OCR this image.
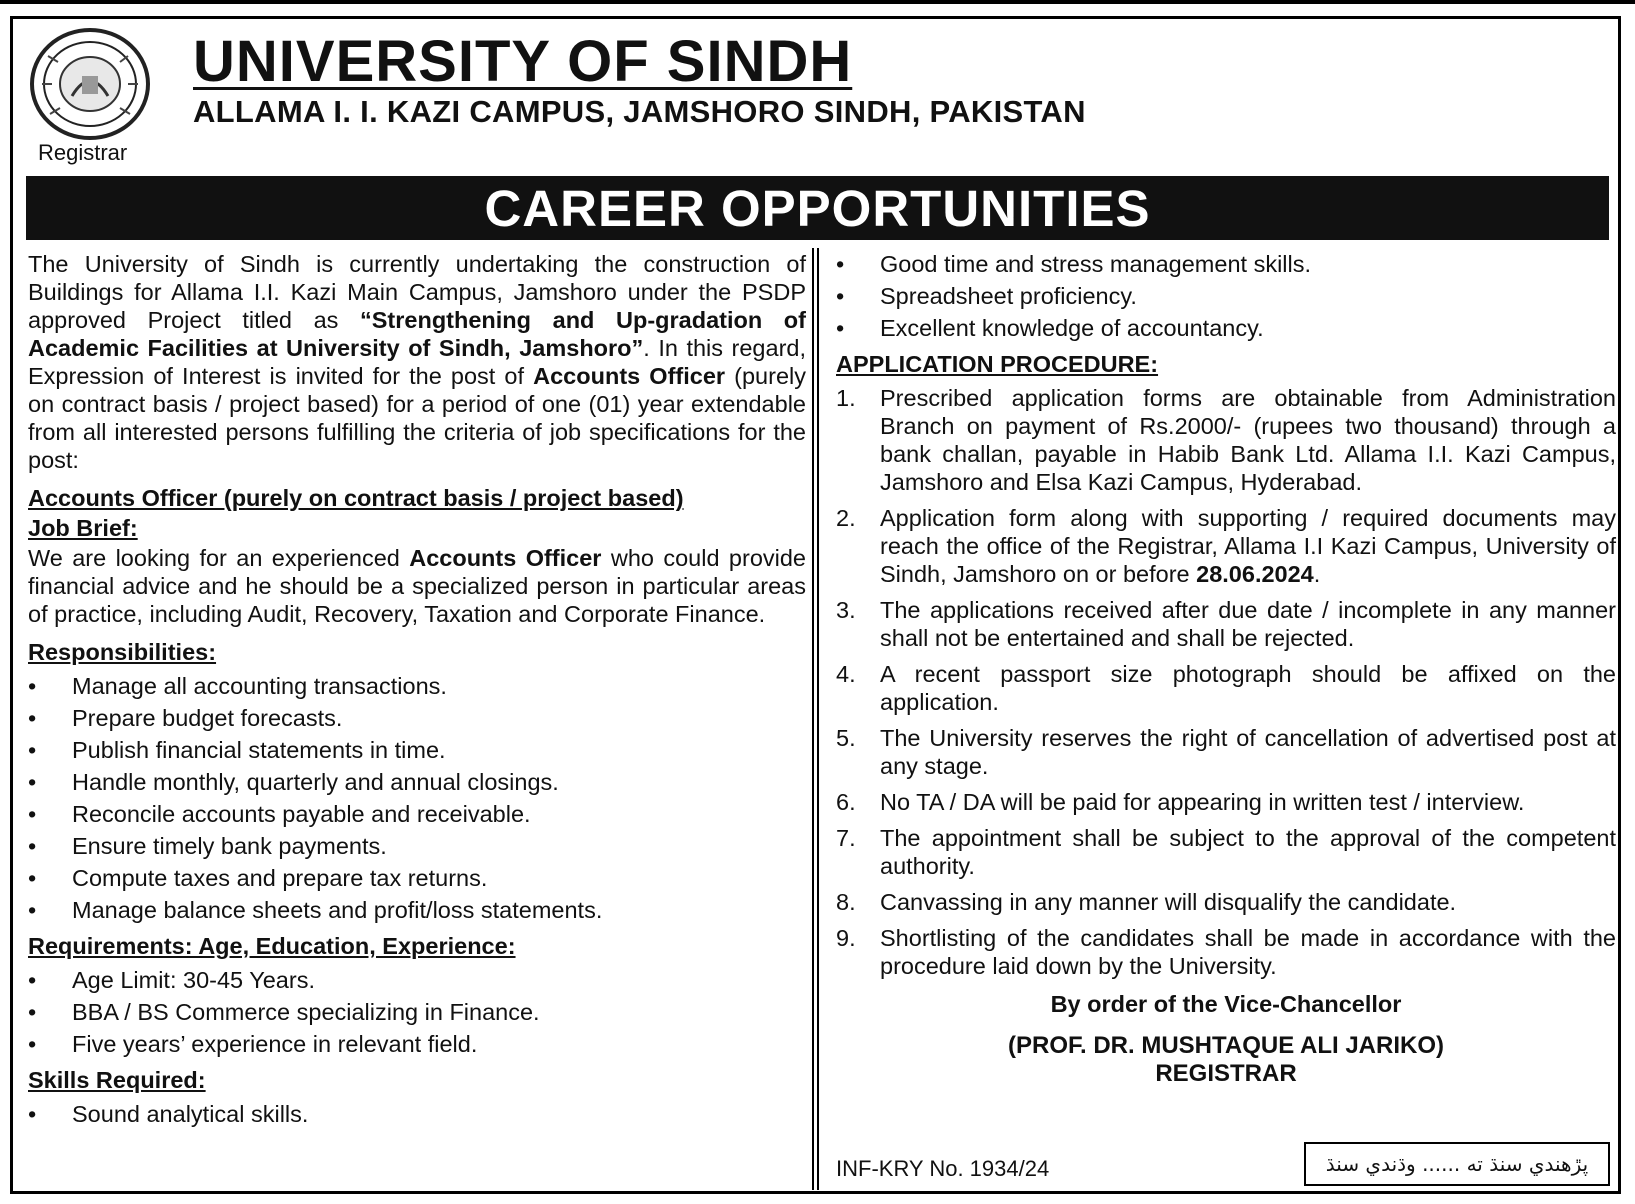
Registrar
UNIVERSITY OF SINDH
ALLAMA I. I. KAZI CAMPUS, JAMSHORO SINDH, PAKISTAN
CAREER OPPORTUNITIES

The University of Sindh is currently undertaking the construction of Buildings for Allama I.I. Kazi Main Campus, Jamshoro under the PSDP approved Project titled as “Strengthening and Up-gradation of Academic Facilities at University of Sindh, Jamshoro”. In this regard, Expression of Interest is invited for the post of Accounts Officer (purely on contract basis / project based) for a period of one (01) year extendable from all interested persons fulfilling the criteria of job specifications for the post:

Accounts Officer (purely on contract basis / project based)
Job Brief:

We are looking for an experienced Accounts Officer who could provide financial advice and he should be a specialized person in particular areas of practice, including Audit, Recovery, Taxation and Corporate Finance.

Responsibilities:
• Manage all accounting transactions.
• Prepare budget forecasts.
• Publish financial statements in time.
• Handle monthly, quarterly and annual closings.
• Reconcile accounts payable and receivable.
• Ensure timely bank payments.
• Compute taxes and prepare tax returns.
• Manage balance sheets and profit/loss statements.
Requirements: Age, Education, Experience:
• Age Limit: 30-45 Years.
• BBA / BS Commerce specializing in Finance.
• Five years’ experience in relevant field.
Skills Required:
• Sound analytical skills.
• Good time and stress management skills.
• Spreadsheet proficiency.
• Excellent knowledge of accountancy.
APPLICATION PROCEDURE:
1. Prescribed application forms are obtainable from Administration Branch on payment of Rs.2000/- (rupees two thousand) through a bank challan, payable in Habib Bank Ltd. Allama I.I. Kazi Campus, Jamshoro and Elsa Kazi Campus, Hyderabad.
2. Application form along with supporting / required documents may reach the office of the Registrar, Allama I.I Kazi Campus, University of Sindh, Jamshoro on or before 28.06.2024.
3. The applications received after due date / incomplete in any manner shall not be entertained and shall be rejected.
4. A recent passport size photograph should be affixed on the application.
5. The University reserves the right of cancellation of advertised post at any stage.
6. No TA / DA will be paid for appearing in written test / interview.
7. The appointment shall be subject to the approval of the competent authority.
8. Canvassing in any manner will disqualify the candidate.
9. Shortlisting of the candidates shall be made in accordance with the procedure laid down by the University.
By order of the Vice-Chancellor
(PROF. DR. MUSHTAQUE ALI JARIKO)
REGISTRAR
INF-KRY No. 1934/24	پڙهندي سنڌ ته ...... وڌندي سنڌ
